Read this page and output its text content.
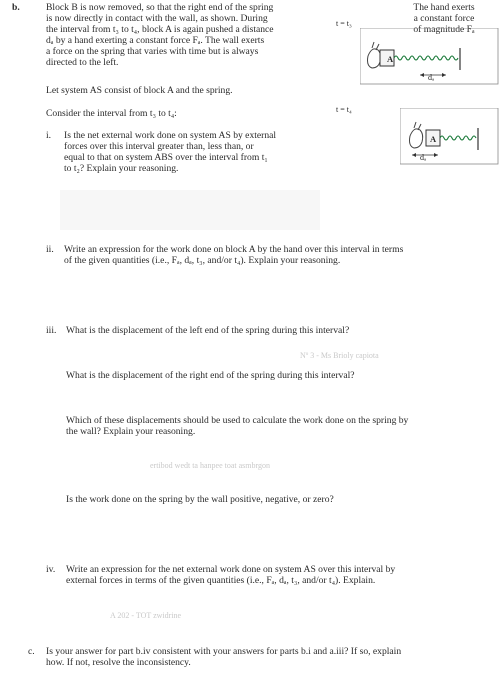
Nº 3 - Ms Brioly capiota
ertibod wedt ta hanpee toat asmbrgon
A 202 - TOT zwidrine
b.	Block B is now removed, so that the right end of the spring
is now directly in contact with the wall, as shown. During
the interval from t₃ to t₄, block A is again pushed a distance
dₐ by a hand exerting a constant force Fₐ. The wall exerts
a force on the spring that varies with time but is always
directed to the left.
Let system AS consist of block A and the spring.
Consider the interval from t₃ to t₄:
i. Is the net external work done on system AS by external
forces over this interval greater than, less than, or
equal to that on system ABS over the interval from t₁
to t₂? Explain your reasoning.
The hand exerts
a constant force
of magnitude Fₐ
t = t₃
A
dₐ
t = t₄
A
dₐ
ii. Write an expression for the work done on block A by the hand over this interval in terms
of the given quantities (i.e., Fₐ, dₐ, t₃, and/or t₄). Explain your reasoning.
iii. What is the displacement of the left end of the spring during this interval?
What is the displacement of the right end of the spring during this interval?
Which of these displacements should be used to calculate the work done on the spring by
the wall? Explain your reasoning.
Is the work done on the spring by the wall positive, negative, or zero?
iv. Write an expression for the net external work done on system AS over this interval by
external forces in terms of the given quantities (i.e., Fₐ, dₐ, t₃, and/or t₄). Explain.
c. Is your answer for part b.iv consistent with your answers for parts b.i and a.iii? If so, explain
how. If not, resolve the inconsistency.
